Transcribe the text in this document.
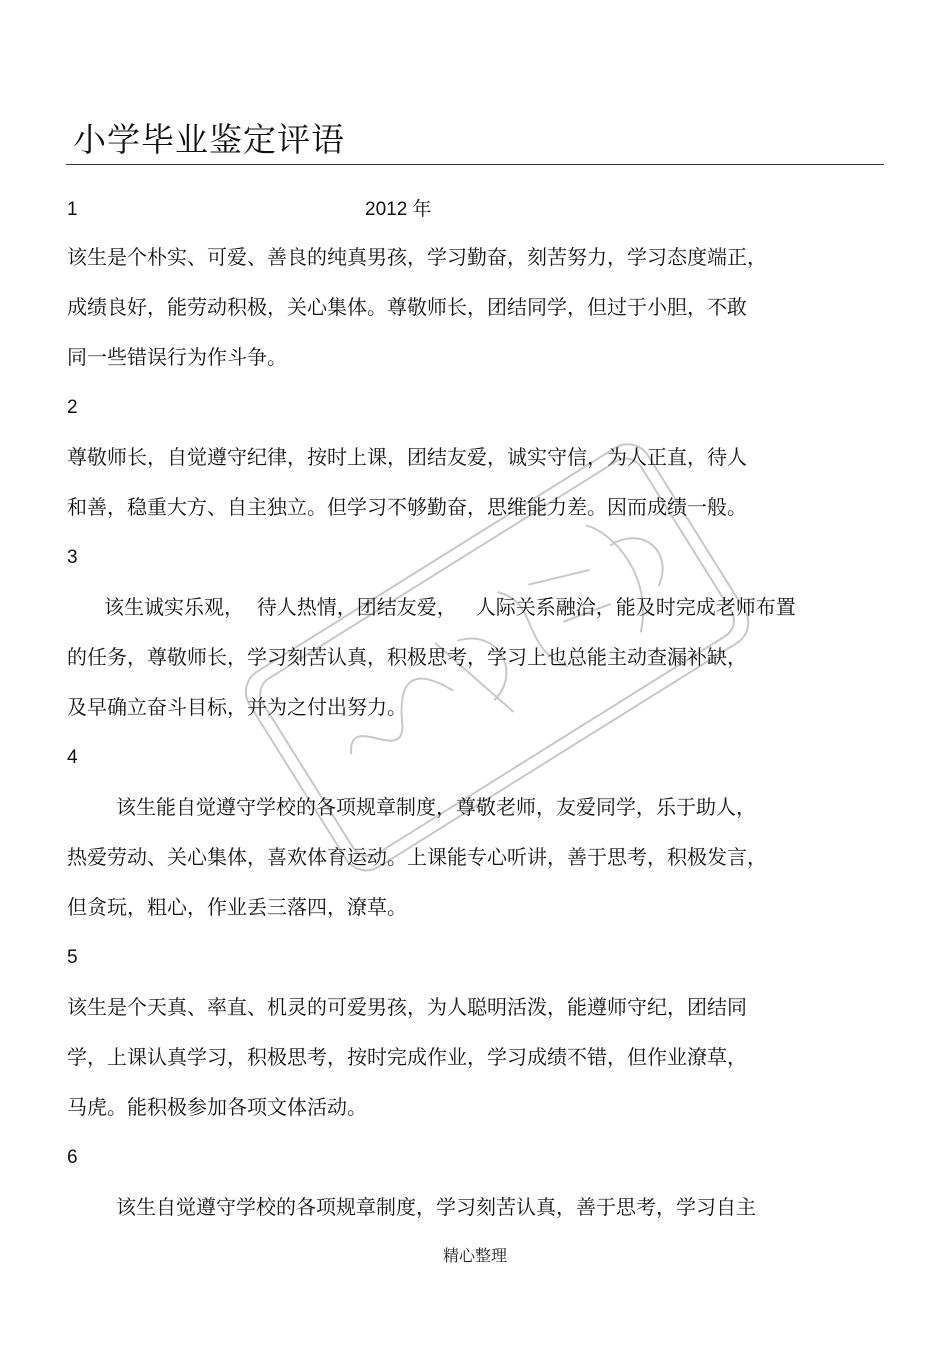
小学毕业鉴定评语
1	2012 年
该生是个朴实、可爱、善良的纯真男孩，学习勤奋，刻苦努力，学习态度端正，
成绩良好，能劳动积极，关心集体。尊敬师长，团结同学，但过于小胆，不敢
同一些错误行为作斗争。
2
尊敬师长，自觉遵守纪律，按时上课，团结友爱，诚实守信，为人正直，待人
和善，稳重大方、自主独立。但学习不够勤奋，思维能力差。因而成绩一般。
3
该生诚实乐观，  待人热情，团结友爱，   人际关系融洽，能及时完成老师布置
的任务，尊敬师长，学习刻苦认真，积极思考，学习上也总能主动查漏补缺，
及早确立奋斗目标，并为之付出努力。
4
该生能自觉遵守学校的各项规章制度，尊敬老师，友爱同学，乐于助人，
热爱劳动、关心集体，喜欢体育运动。上课能专心听讲，善于思考，积极发言，
但贪玩，粗心，作业丢三落四，潦草。
5
该生是个天真、率直、机灵的可爱男孩，为人聪明活泼，能遵师守纪，团结同
学，上课认真学习，积极思考，按时完成作业，学习成绩不错，但作业潦草，
马虎。能积极参加各项文体活动。
6
该生自觉遵守学校的各项规章制度，学习刻苦认真，善于思考，学习自主
精心整理
